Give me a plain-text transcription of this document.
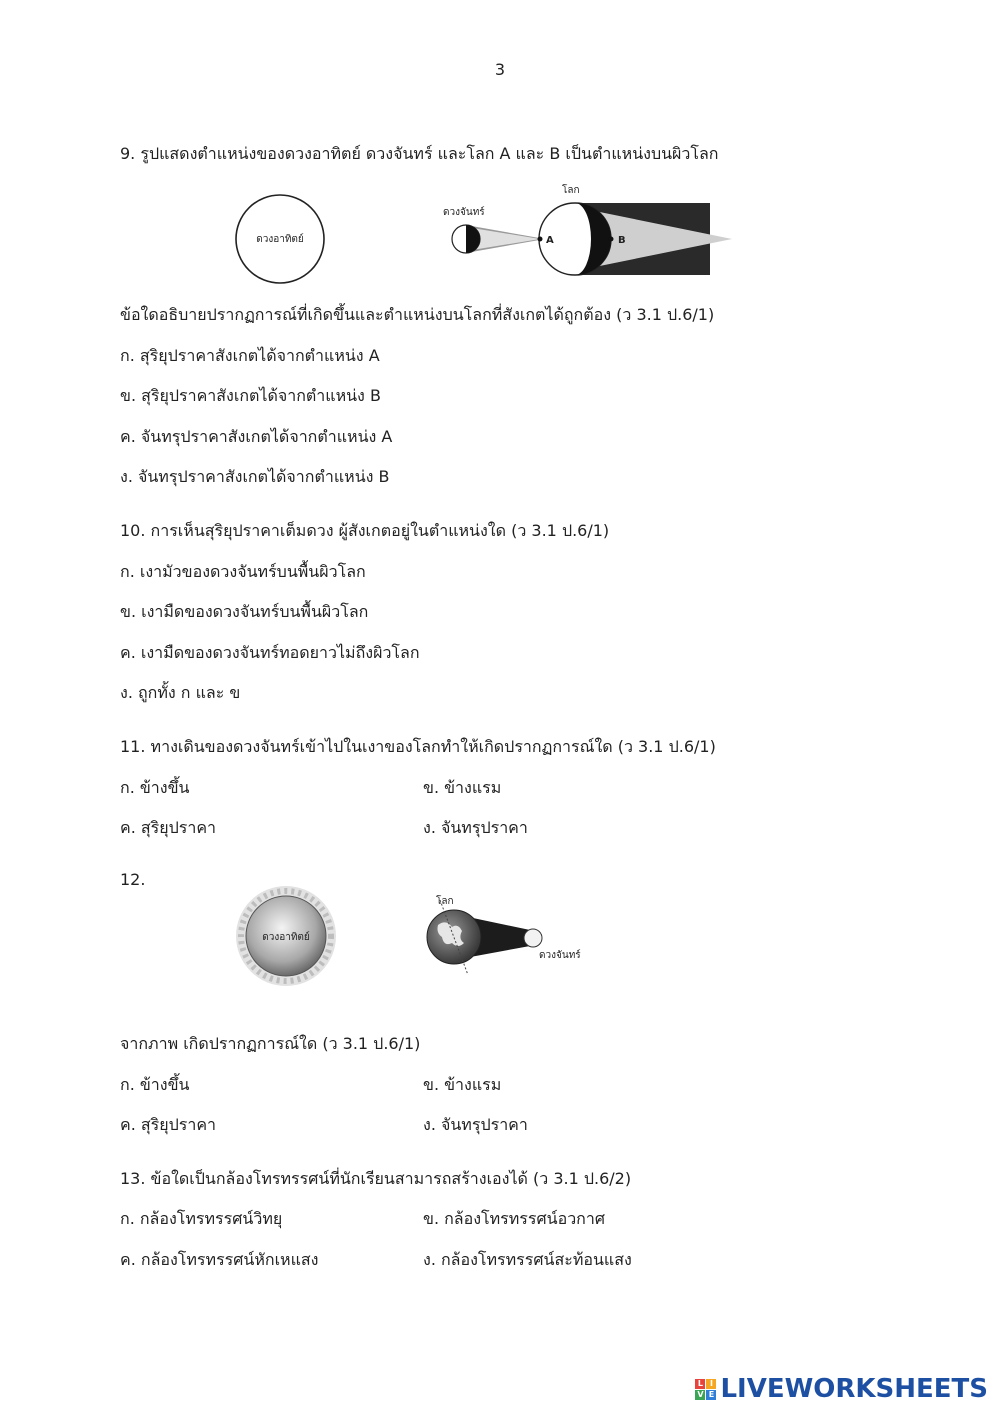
3
9. รูปแสดงตำแหน่งของดวงอาทิตย์ ดวงจันทร์ และโลก A และ B เป็นตำแหน่งบนผิวโลก
ดวงอาทิตย์	A	B
ดวงจันทร์
โลก
ข้อใดอธิบายปรากฏการณ์ที่เกิดขึ้นและตำแหน่งบนโลกที่สังเกตได้ถูกต้อง (ว 3.1 ป.6/1)
ก. สุริยุปราคาสังเกตได้จากตำแหน่ง A
ข. สุริยุปราคาสังเกตได้จากตำแหน่ง B
ค. จันทรุปราคาสังเกตได้จากตำแหน่ง A
ง. จันทรุปราคาสังเกตได้จากตำแหน่ง B
10. การเห็นสุริยุปราคาเต็มดวง ผู้สังเกตอยู่ในตำแหน่งใด (ว 3.1 ป.6/1)
ก. เงามัวของดวงจันทร์บนพื้นผิวโลก
ข. เงามืดของดวงจันทร์บนพื้นผิวโลก
ค. เงามืดของดวงจันทร์ทอดยาวไม่ถึงผิวโลก
ง. ถูกทั้ง ก และ ข
11. ทางเดินของดวงจันทร์เข้าไปในเงาของโลกทำให้เกิดปรากฏการณ์ใด (ว 3.1 ป.6/1)
ก. ข้างขึ้น	ข. ข้างแรม
ค. สุริยุปราคา	ง. จันทรุปราคา
12.
ดวงอาทิตย์
โลก
ดวงจันทร์
จากภาพ เกิดปรากฏการณ์ใด (ว 3.1 ป.6/1)
ก. ข้างขึ้น	ข. ข้างแรม
ค. สุริยุปราคา	ง. จันทรุปราคา
13. ข้อใดเป็นกล้องโทรทรรศน์ที่นักเรียนสามารถสร้างเองได้ (ว 3.1 ป.6/2)
ก. กล้องโทรทรรศน์วิทยุ	ข. กล้องโทรทรรศน์อวกาศ
ค. กล้องโทรทรรศน์หักเหแสง	ง. กล้องโทรทรรศน์สะท้อนแสง
L I
V E LIVEWORKSHEETS
